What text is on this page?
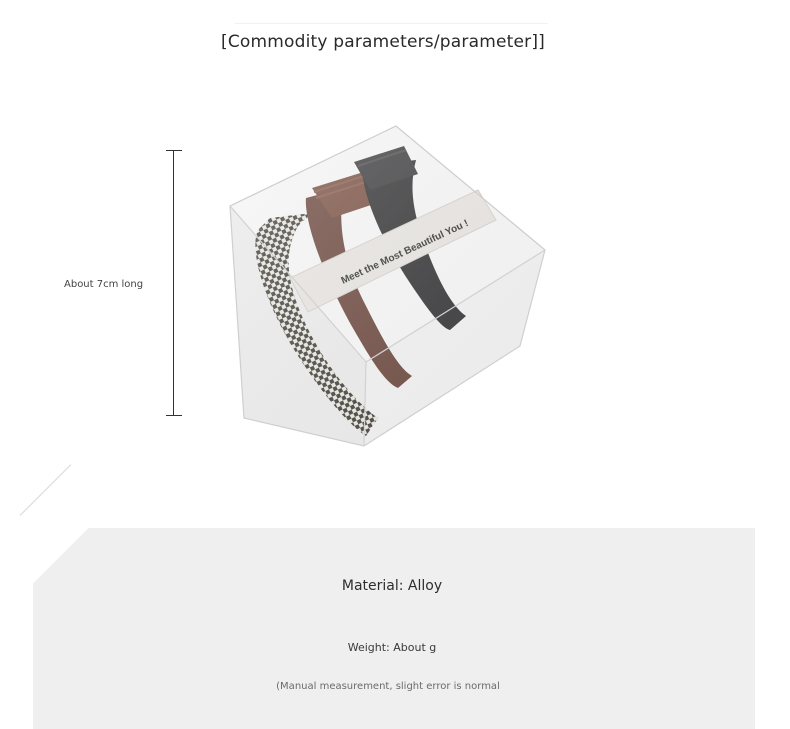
[Commodity parameters/parameter]]
About 7cm long
Material: Alloy
Weight: About g
(Manual measurement, slight error is normal
